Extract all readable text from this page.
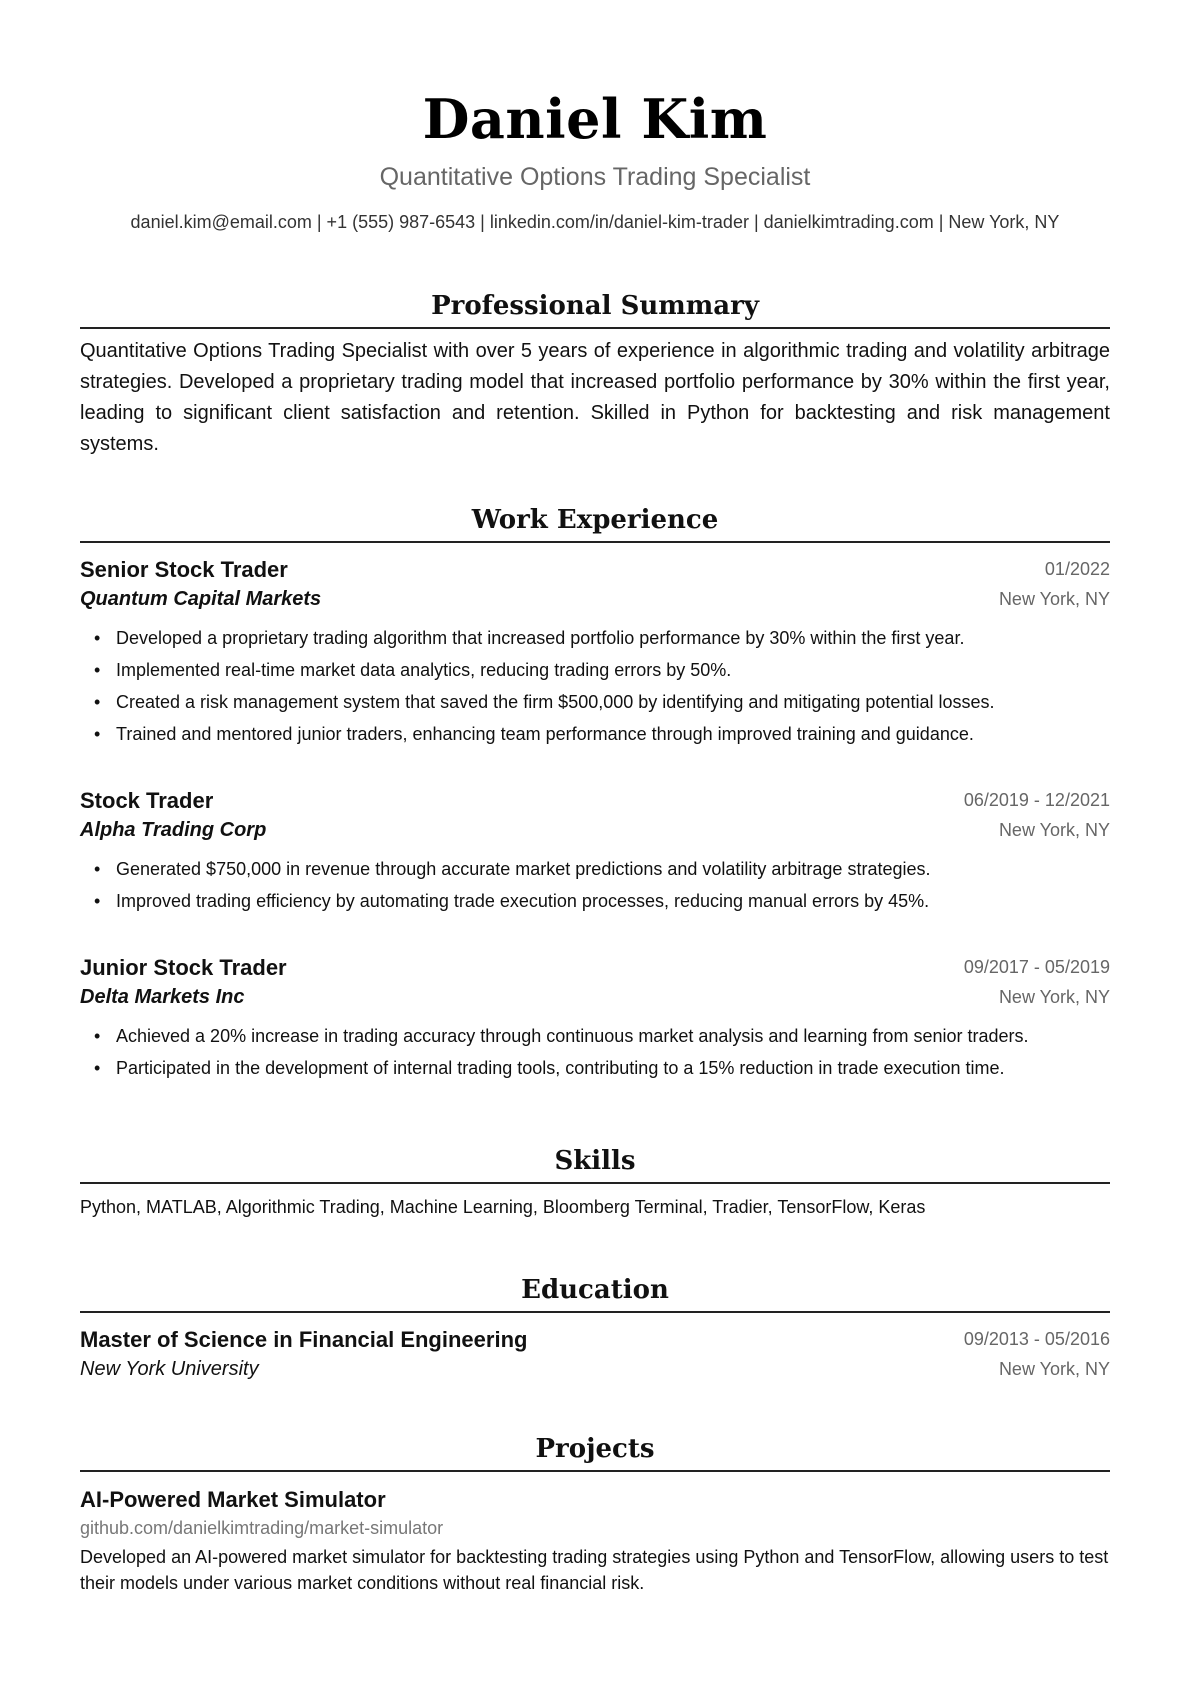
Daniel Kim
Quantitative Options Trading Specialist
daniel.kim@email.com | +1 (555) 987-6543 | linkedin.com/in/daniel-kim-trader | danielkimtrading.com | New York, NY
Professional Summary

Quantitative Options Trading Specialist with over 5 years of experience in algorithmic trading and volatility arbitrage strategies. Developed a proprietary trading model that increased portfolio performance by 30% within the first year, leading to significant client satisfaction and retention. Skilled in Python for backtesting and risk management systems.

Work Experience
Senior Stock Trader	01/2022
Quantum Capital Markets	New York, NY
• Developed a proprietary trading algorithm that increased portfolio performance by 30% within the first year.
• Implemented real-time market data analytics, reducing trading errors by 50%.
• Created a risk management system that saved the firm $500,000 by identifying and mitigating potential losses.
• Trained and mentored junior traders, enhancing team performance through improved training and guidance.
Stock Trader	06/2019 - 12/2021
Alpha Trading Corp	New York, NY
• Generated $750,000 in revenue through accurate market predictions and volatility arbitrage strategies.
• Improved trading efficiency by automating trade execution processes, reducing manual errors by 45%.
Junior Stock Trader	09/2017 - 05/2019
Delta Markets Inc	New York, NY
• Achieved a 20% increase in trading accuracy through continuous market analysis and learning from senior traders.
• Participated in the development of internal trading tools, contributing to a 15% reduction in trade execution time.
Skills
Python, MATLAB, Algorithmic Trading, Machine Learning, Bloomberg Terminal, Tradier, TensorFlow, Keras
Education
Master of Science in Financial Engineering	09/2013 - 05/2016
New York University	New York, NY
Projects
AI-Powered Market Simulator
github.com/danielkimtrading/market-simulator

Developed an AI-powered market simulator for backtesting trading strategies using Python and TensorFlow, allowing users to test their models under various market conditions without real financial risk.
